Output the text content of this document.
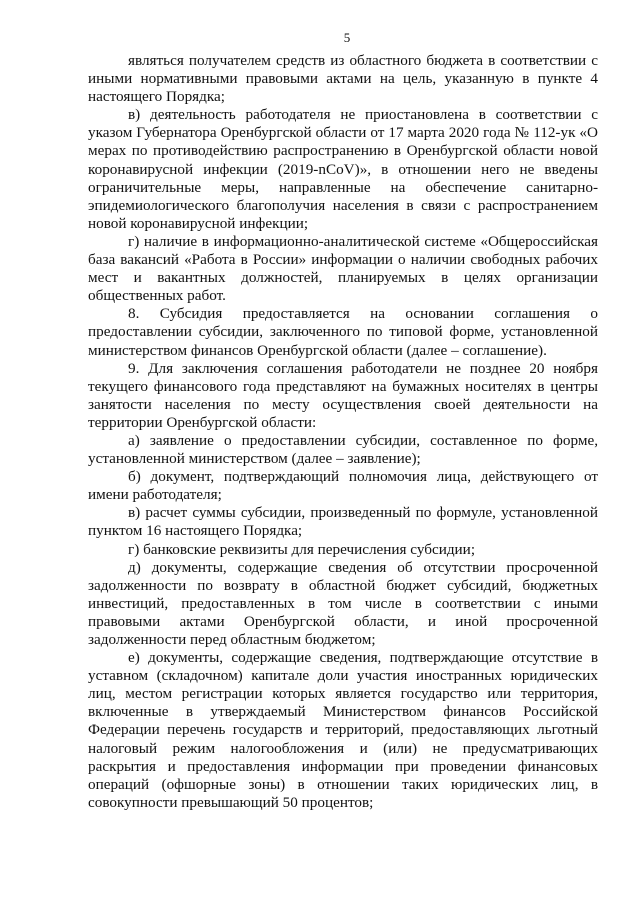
5

являться получателем средств из областного бюджета в соответствии с иными нормативными правовыми актами на цель, указанную в пункте 4 настоящего Порядка;

в) деятельность работодателя не приостановлена в соответствии с указом Губернатора Оренбургской области от 17 марта 2020 года № 112-ук «О мерах по противодействию распространению в Оренбургской области новой коронавирусной инфекции (2019-nCoV)», в отношении него не введены ограничительные меры, направленные на обеспечение санитарно-эпидемиологического благополучия населения в связи с распространением новой коронавирусной инфекции;

г) наличие в информационно-аналитической системе «Общероссийская база вакансий «Работа в России» информации о наличии свободных рабочих мест и вакантных должностей, планируемых в целях организации общественных работ.

8. Субсидия предоставляется на основании соглашения о предоставлении субсидии, заключенного по типовой форме, установленной министерством финансов Оренбургской области (далее – соглашение).

9. Для заключения соглашения работодатели не позднее 20 ноября текущего финансового года представляют на бумажных носителях в центры занятости населения по месту осуществления своей деятельности на территории Оренбургской области:

а) заявление о предоставлении субсидии, составленное по форме, установленной министерством (далее – заявление);

б) документ, подтверждающий полномочия лица, действующего от имени работодателя;

в) расчет суммы субсидии, произведенный по формуле, установленной пунктом 16 настоящего Порядка;

г) банковские реквизиты для перечисления субсидии;

д) документы, содержащие сведения об отсутствии просроченной задолженности по возврату в областной бюджет субсидий, бюджетных инвестиций, предоставленных в том числе в соответствии с иными правовыми актами Оренбургской области, и иной просроченной задолженности перед областным бюджетом;

е) документы, содержащие сведения, подтверждающие отсутствие в уставном (складочном) капитале доли участия иностранных юридических лиц, местом регистрации которых является государство или территория, включенные в утверждаемый Министерством финансов Российской Федерации перечень государств и территорий, предоставляющих льготный налоговый режим налогообложения и (или) не предусматривающих раскрытия и предоставления информации при проведении финансовых операций (офшорные зоны) в отношении таких юридических лиц, в совокупности превышающий 50 процентов;
